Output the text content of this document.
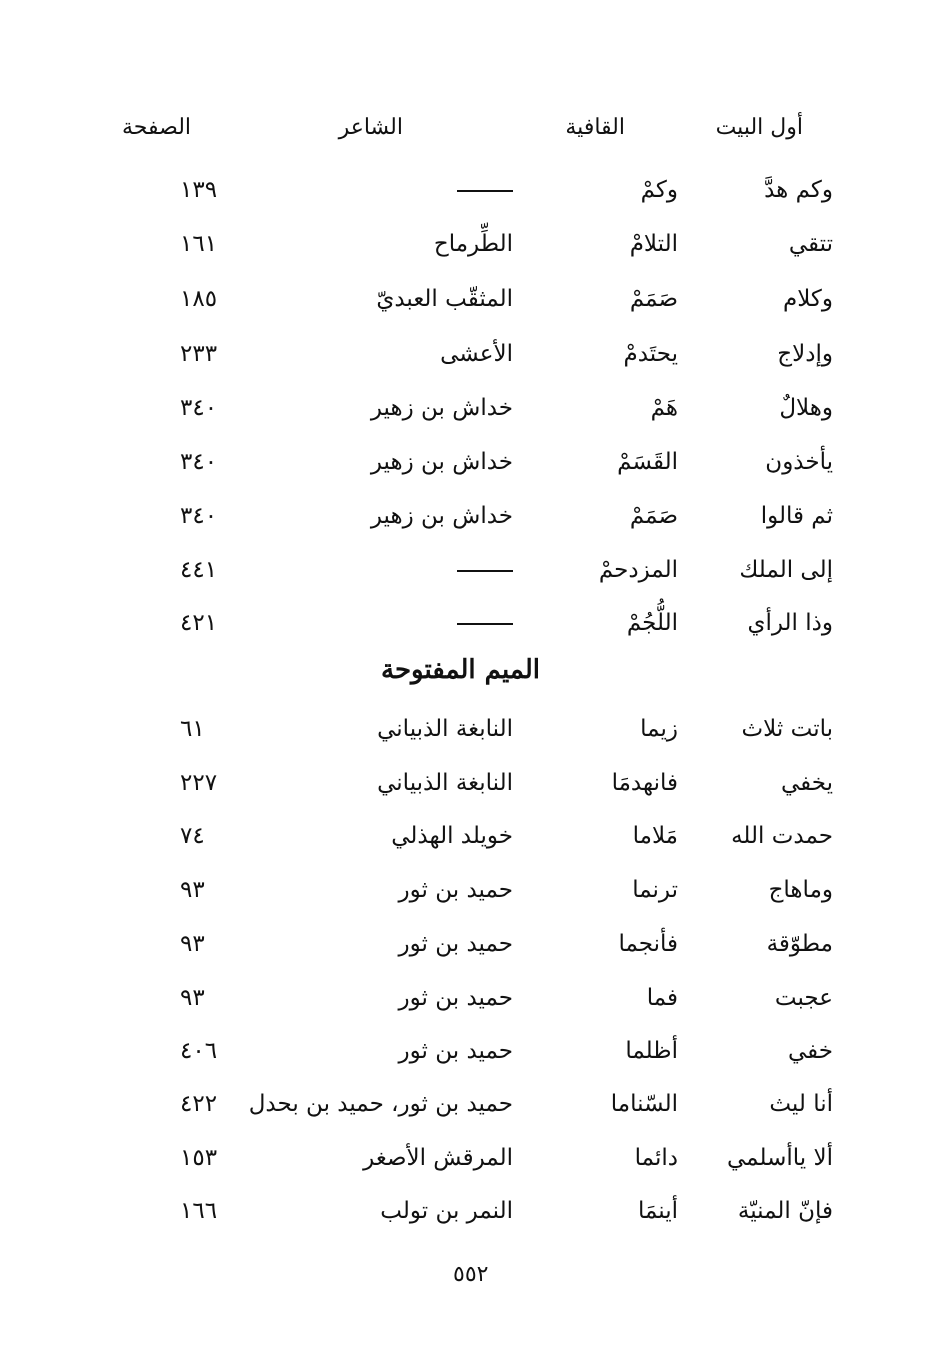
أول البيت
القافية
الشاعر
الصفحة
وكم هدَّ
وكمْ
١٣٩
تتقي
التلامْ
الطِّرماح
١٦١
وكلام
صَمَمْ
المثقّب العبديّ
١٨٥
وإدلاج
يحتَدمْ
الأعشى
٢٣٣
وهلالٌ
هَمْ
خداش بن زهير
٣٤٠
يأخذون
القَسَمْ
خداش بن زهير
٣٤٠
ثم قالوا
صَمَمْ
خداش بن زهير
٣٤٠
إلى الملك
المزدحمْ
٤٤١
وذا الرأي
اللُّجُمْ
٤٢١
الميم المفتوحة
باتت ثلاث
زيما
النابغة الذبياني
٦١
يخفي
فانهدمَا
النابغة الذبياني
٢٢٧
حمدت الله
مَلاما
خويلد الهذلي
٧٤
وماهاج
ترنما
حميد بن ثور
٩٣
مطوّقة
فأنجما
حميد بن ثور
٩٣
عجبت
فما
حميد بن ثور
٩٣
خفي
أظلما
حميد بن ثور
٤٠٦
أنا ليث
السّناما
حميد بن ثور، حميد بن بحدل
٤٢٢
ألا ياأسلمي
دائما
المرقش الأصغر
١٥٣
فإنّ المنيّة
أينمَا
النمر بن تولب
١٦٦
٥٥٢
